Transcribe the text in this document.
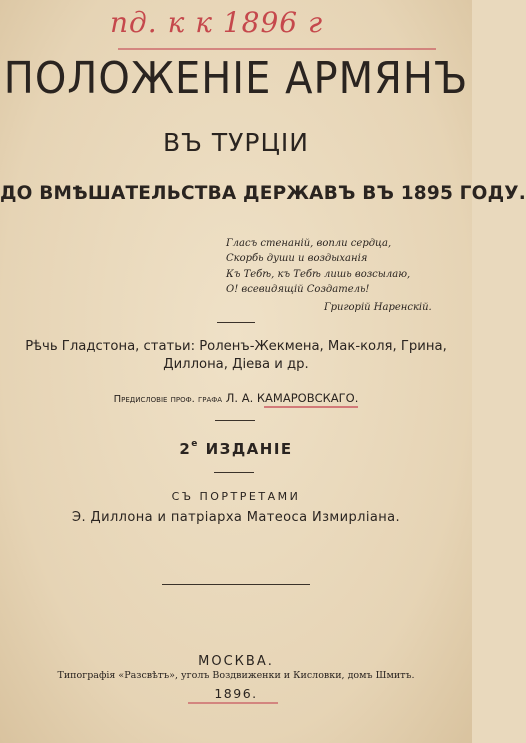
пд. к к 1896 г
ПОЛОЖЕНІЕ АРМЯНЪ
ВЪ ТУРЦІИ
ДО ВМѢШАТЕЛЬСТВА ДЕРЖАВЪ ВЪ 1895 ГОДУ.
Гласъ стенаній, вопли сердца,
Скорбь души и воздыханія
Къ Тебѣ, къ Тебѣ лишь возсылаю,
О! всевидящій Создатель!
Григорій Наренскій.
Рѣчь Гладстона, статьи: Роленъ-Жекмена, Мак-коля, Грина, Диллона, Діева и др.
Предисловіе проф. графа Л. А. КАМАРОВСКАГО.
$2^е$ ИЗДАНІЕ
СЪ ПОРТРЕТАМИ
Э. Диллона и патріарха Матеоса Измирліана.
МОСКВА.
Типографія «Разсвѣтъ», уголъ Воздвиженки и Кисловки, домъ Шмитъ.
1896.
